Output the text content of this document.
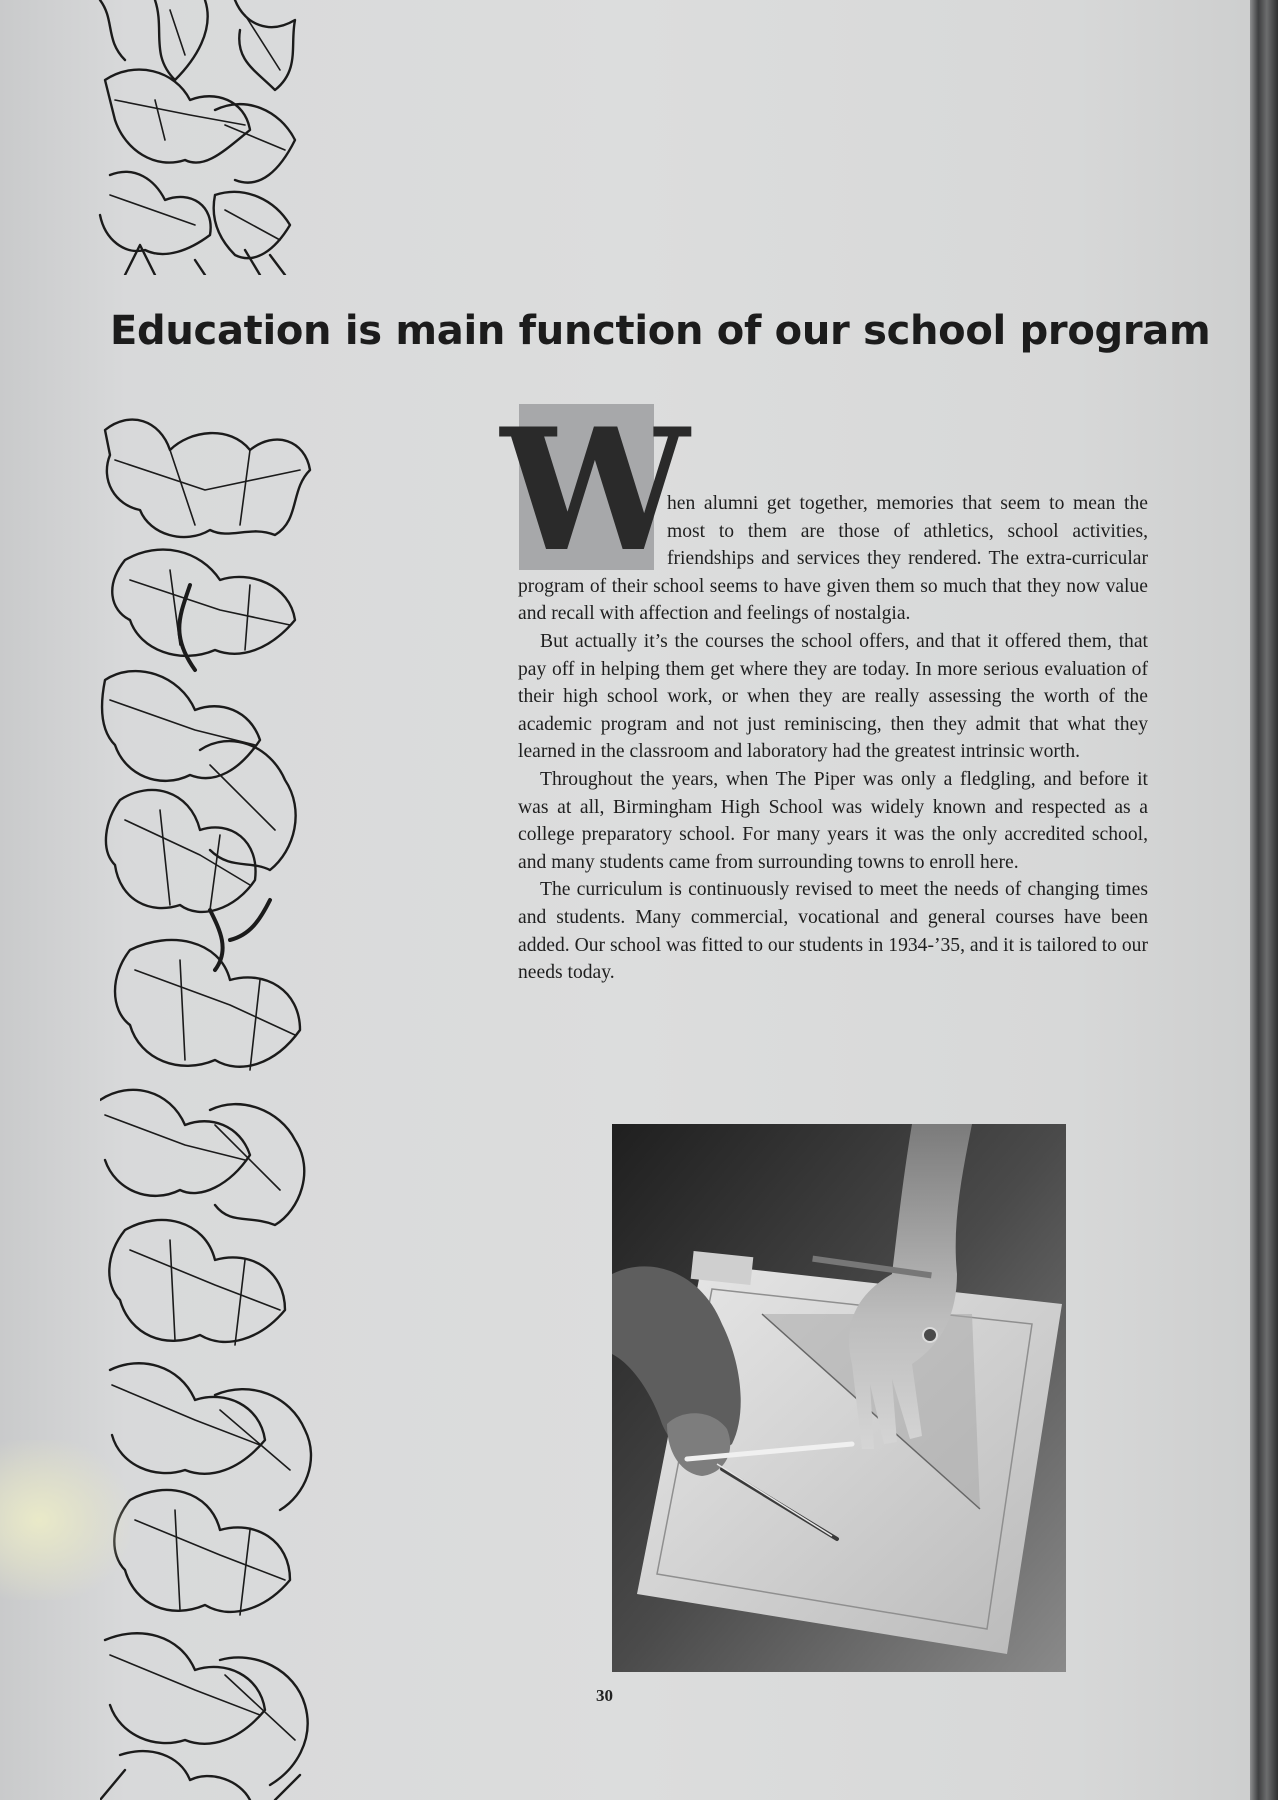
Education is main function of our school program
W

hen alumni get together, memories that seem to mean the most to them are those of athletics, school activities, friendships and services they rendered. The extra-curricular program of their school seems to have given them so much that they now value and recall with affection and feelings of nostalgia.

But actually it’s the courses the school offers, and that it offered them, that pay off in helping them get where they are today. In more serious evaluation of their high school work, or when they are really assessing the worth of the academic program and not just reminiscing, then they admit that what they learned in the classroom and laboratory had the greatest intrinsic worth.

Throughout the years, when The Piper was only a fledgling, and before it was at all, Birmingham High School was widely known and respected as a college preparatory school. For many years it was the only accredited school, and many students came from surrounding towns to enroll here.

The curriculum is continuously revised to meet the needs of changing times and students. Many commercial, vocational and general courses have been added. Our school was fitted to our students in 1934-’35, and it is tailored to our needs today.

30
